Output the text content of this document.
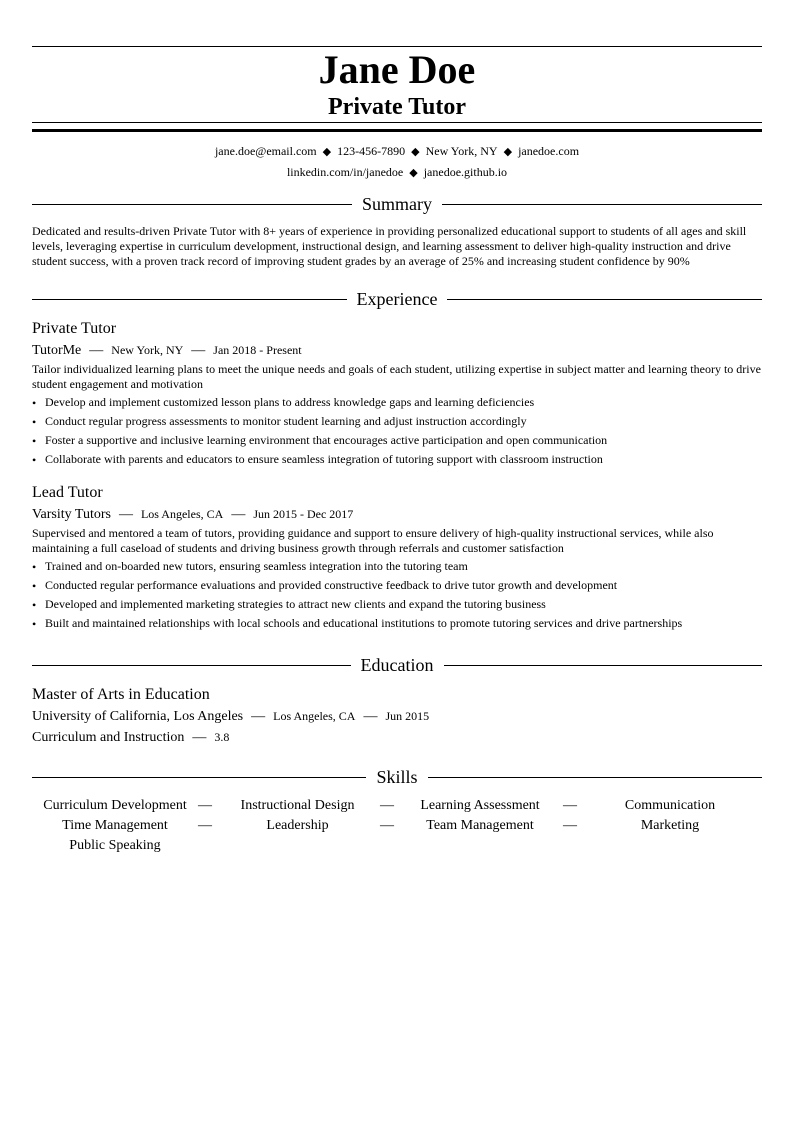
Jane Doe
Private Tutor
jane.doe@email.com ◆ 123-456-7890 ◆ New York, NY ◆ janedoe.com
linkedin.com/in/janedoe ◆ janedoe.github.io
Summary
Dedicated and results-driven Private Tutor with 8+ years of experience in providing personalized educational support to students of all ages and skill levels, leveraging expertise in curriculum development, instructional design, and learning assessment to deliver high-quality instruction and drive student success, with a proven track record of improving student grades by an average of 25% and increasing student confidence by 90%
Experience
Private Tutor
TutorMe — New York, NY — Jan 2018 - Present
Tailor individualized learning plans to meet the unique needs and goals of each student, utilizing expertise in subject matter and learning theory to drive student engagement and motivation
• Develop and implement customized lesson plans to address knowledge gaps and learning deficiencies
• Conduct regular progress assessments to monitor student learning and adjust instruction accordingly
• Foster a supportive and inclusive learning environment that encourages active participation and open communication
• Collaborate with parents and educators to ensure seamless integration of tutoring support with classroom instruction
Lead Tutor
Varsity Tutors — Los Angeles, CA — Jun 2015 - Dec 2017
Supervised and mentored a team of tutors, providing guidance and support to ensure delivery of high-quality instructional services, while also maintaining a full caseload of students and driving business growth through referrals and customer satisfaction
• Trained and on-boarded new tutors, ensuring seamless integration into the tutoring team
• Conducted regular performance evaluations and provided constructive feedback to drive tutor growth and development
• Developed and implemented marketing strategies to attract new clients and expand the tutoring business
• Built and maintained relationships with local schools and educational institutions to promote tutoring services and drive partnerships
Education
Master of Arts in Education
University of California, Los Angeles — Los Angeles, CA — Jun 2015
Curriculum and Instruction — 3.8
Skills
Curriculum Development —	Instructional Design	—	Learning Assessment	—	Communication
Time Management	—	Leadership	—	Team Management	—	Marketing
Public Speaking
